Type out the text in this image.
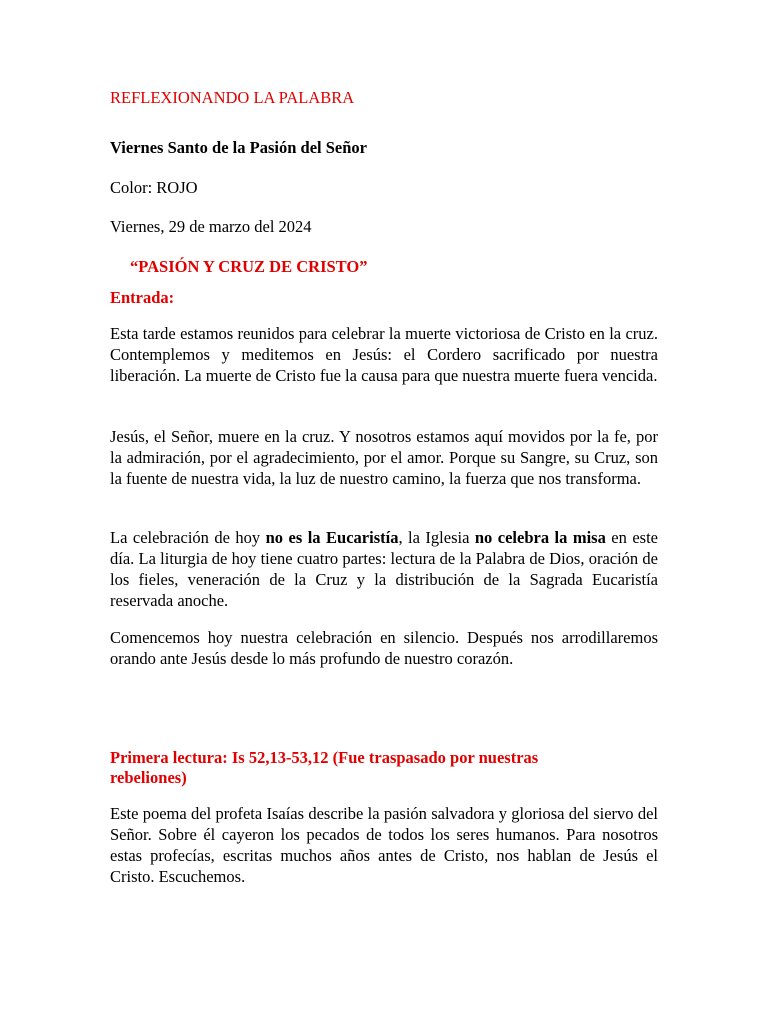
REFLEXIONANDO LA PALABRA

Viernes Santo de la Pasión del Señor

Color: ROJO

Viernes, 29 de marzo del 2024

“PASIÓN Y CRUZ DE CRISTO”

Entrada:

Esta tarde estamos reunidos para celebrar la muerte victoriosa de Cristo en la cruz. Contemplemos y meditemos en Jesús: el Cordero sacrificado por nuestra liberación. La muerte de Cristo fue la causa para que nuestra muerte fuera vencida.

Jesús, el Señor, muere en la cruz. Y nosotros estamos aquí movidos por la fe, por la admiración, por el agradecimiento, por el amor. Porque su Sangre, su Cruz, son la fuente de nuestra vida, la luz de nuestro camino, la fuerza que nos transforma.

La celebración de hoy no es la Eucaristía, la Iglesia no celebra la misa en este día. La liturgia de hoy tiene cuatro partes: lectura de la Palabra de Dios, oración de los fieles, veneración de la Cruz y la distribución de la Sagrada Eucaristía reservada anoche.

Comencemos hoy nuestra celebración en silencio. Después nos arrodillaremos orando ante Jesús desde lo más profundo de nuestro corazón.

Primera lectura: Is 52,13-53,12 (Fue traspasado por nuestras

rebeliones)

Este poema del profeta Isaías describe la pasión salvadora y gloriosa del siervo del Señor. Sobre él cayeron los pecados de todos los seres humanos. Para nosotros estas profecías, escritas muchos años antes de Cristo, nos hablan de Jesús el Cristo. Escuchemos.
